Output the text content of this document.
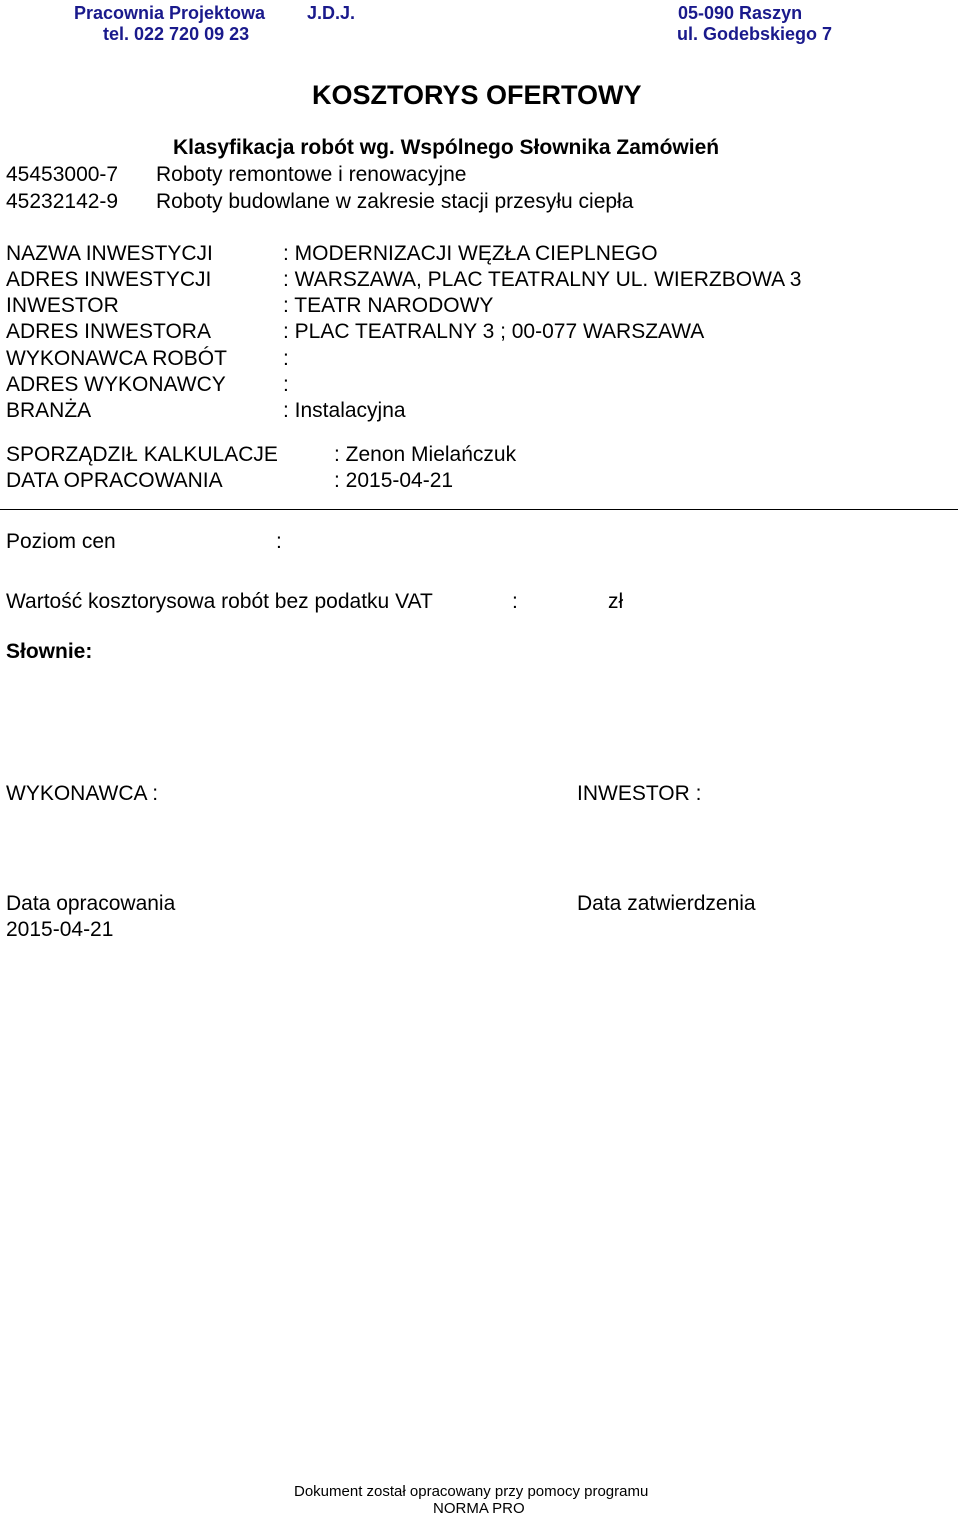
Pracownia Projektowa J.D.J.	05-090 Raszyn
tel. 022 720 09 23	ul. Godebskiego 7
KOSZTORYS OFERTOWY
Klasyfikacja robót wg. Wspólnego Słownika Zamówień
45453000-7 Roboty remontowe i renowacyjne
45232142-9 Roboty budowlane w zakresie stacji przesyłu ciepła
NAZWA INWESTYCJI	: MODERNIZACJI WĘZŁA CIEPLNEGO
ADRES INWESTYCJI	: WARSZAWA, PLAC TEATRALNY UL. WIERZBOWA 3
INWESTOR	: TEATR NARODOWY
ADRES INWESTORA	: PLAC TEATRALNY 3 ; 00-077 WARSZAWA
WYKONAWCA ROBÓT	:
ADRES WYKONAWCY	:
BRANŻA	: Instalacyjna
SPORZĄDZIŁ KALKULACJE	: Zenon Mielańczuk
DATA OPRACOWANIA	: 2015-04-21
Poziom cen	:
Wartość kosztorysowa robót bez podatku VAT	:	zł
Słownie:
WYKONAWCA :	INWESTOR :
Data opracowania
2015-04-21
Data zatwierdzenia
Dokument został opracowany przy pomocy programu
NORMA PRO
